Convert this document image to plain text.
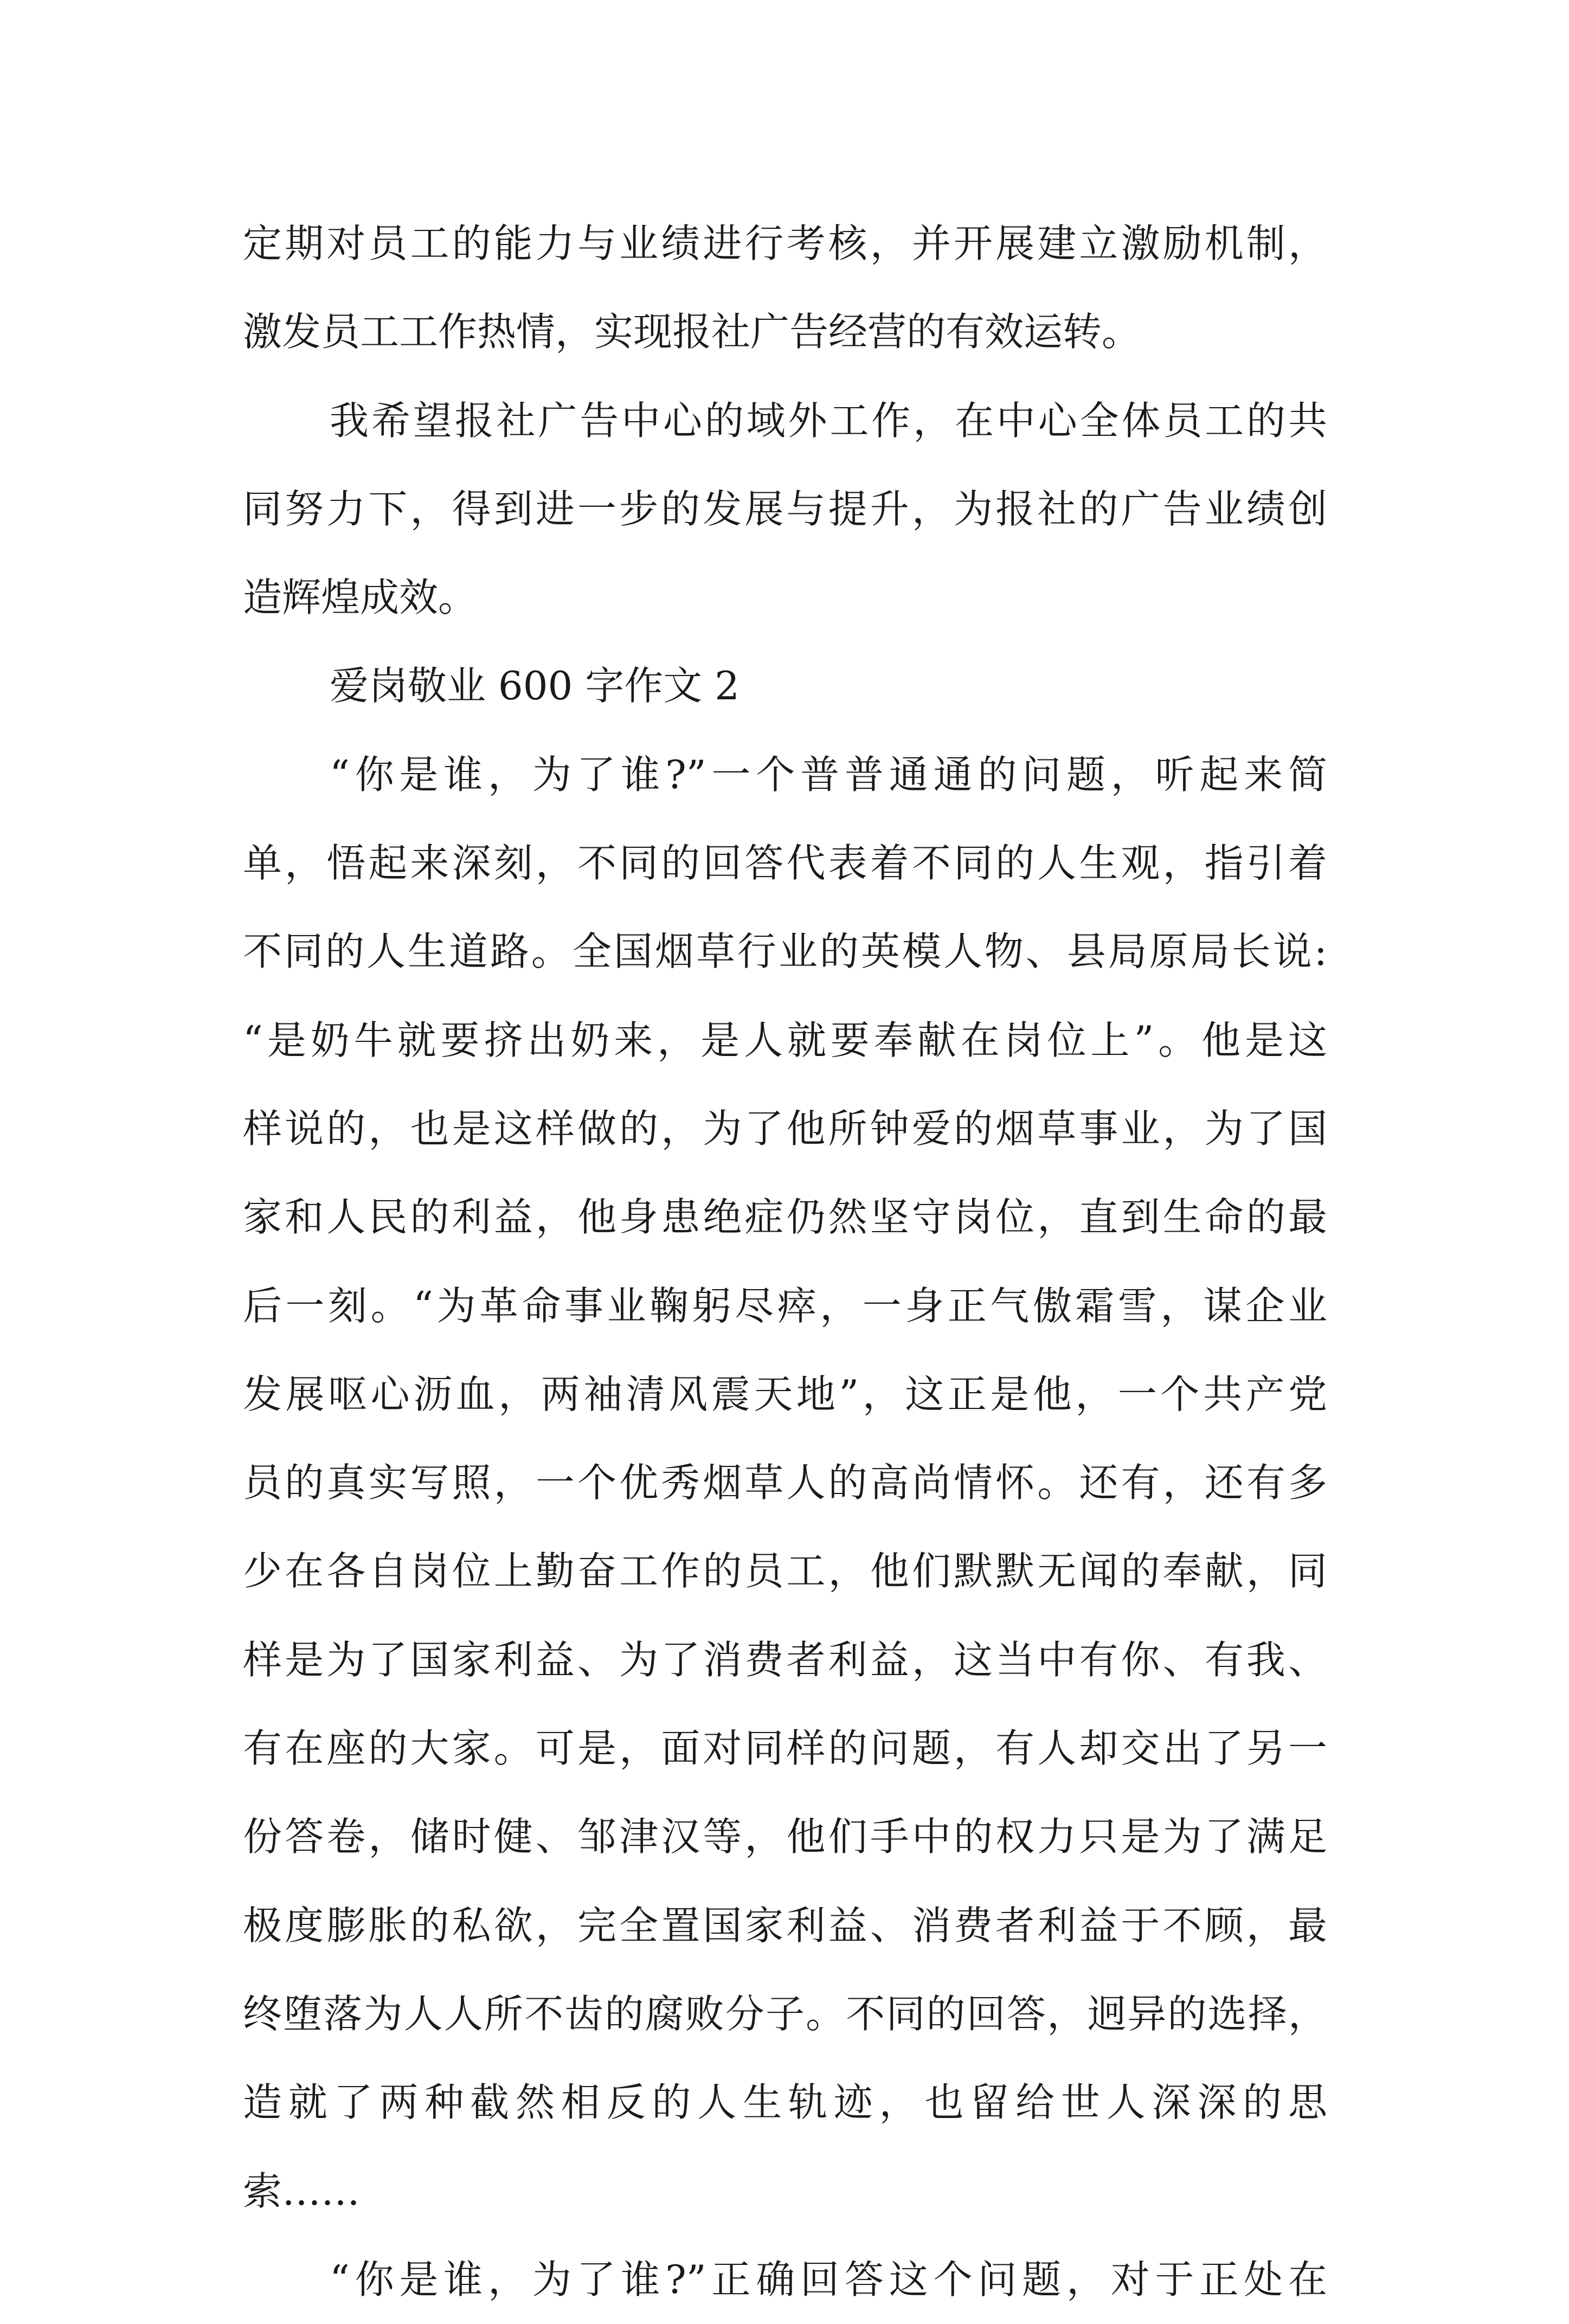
定期对员工的能力与业绩进行考核，并开展建立激励机制，
激发员工工作热情，实现报社广告经营的有效运转。
我希望报社广告中心的域外工作，在中心全体员工的共
同努力下，得到进一步的发展与提升，为报社的广告业绩创
造辉煌成效。
爱岗敬业 600 字作文 2
“你是谁，为了谁?”一个普普通通的问题，听起来简
单，悟起来深刻，不同的回答代表着不同的人生观，指引着
不同的人生道路。全国烟草行业的英模人物、县局原局长说:
“是奶牛就要挤出奶来，是人就要奉献在岗位上”。他是这
样说的，也是这样做的，为了他所钟爱的烟草事业，为了国
家和人民的利益，他身患绝症仍然坚守岗位，直到生命的最
后一刻。“为革命事业鞠躬尽瘁，一身正气傲霜雪，谋企业
发展呕心沥血，两袖清风震天地”，这正是他，一个共产党
员的真实写照，一个优秀烟草人的高尚情怀。还有，还有多
少在各自岗位上勤奋工作的员工，他们默默无闻的奉献，同
样是为了国家利益、为了消费者利益，这当中有你、有我、
有在座的大家。可是，面对同样的问题，有人却交出了另一
份答卷，储时健、邹津汉等，他们手中的权力只是为了满足
极度膨胀的私欲，完全置国家利益、消费者利益于不顾，最
终堕落为人人所不齿的腐败分子。不同的回答，迥异的选择，
造就了两种截然相反的人生轨迹，也留给世人深深的思
索……
“你是谁，为了谁?”正确回答这个问题，对于正处在
